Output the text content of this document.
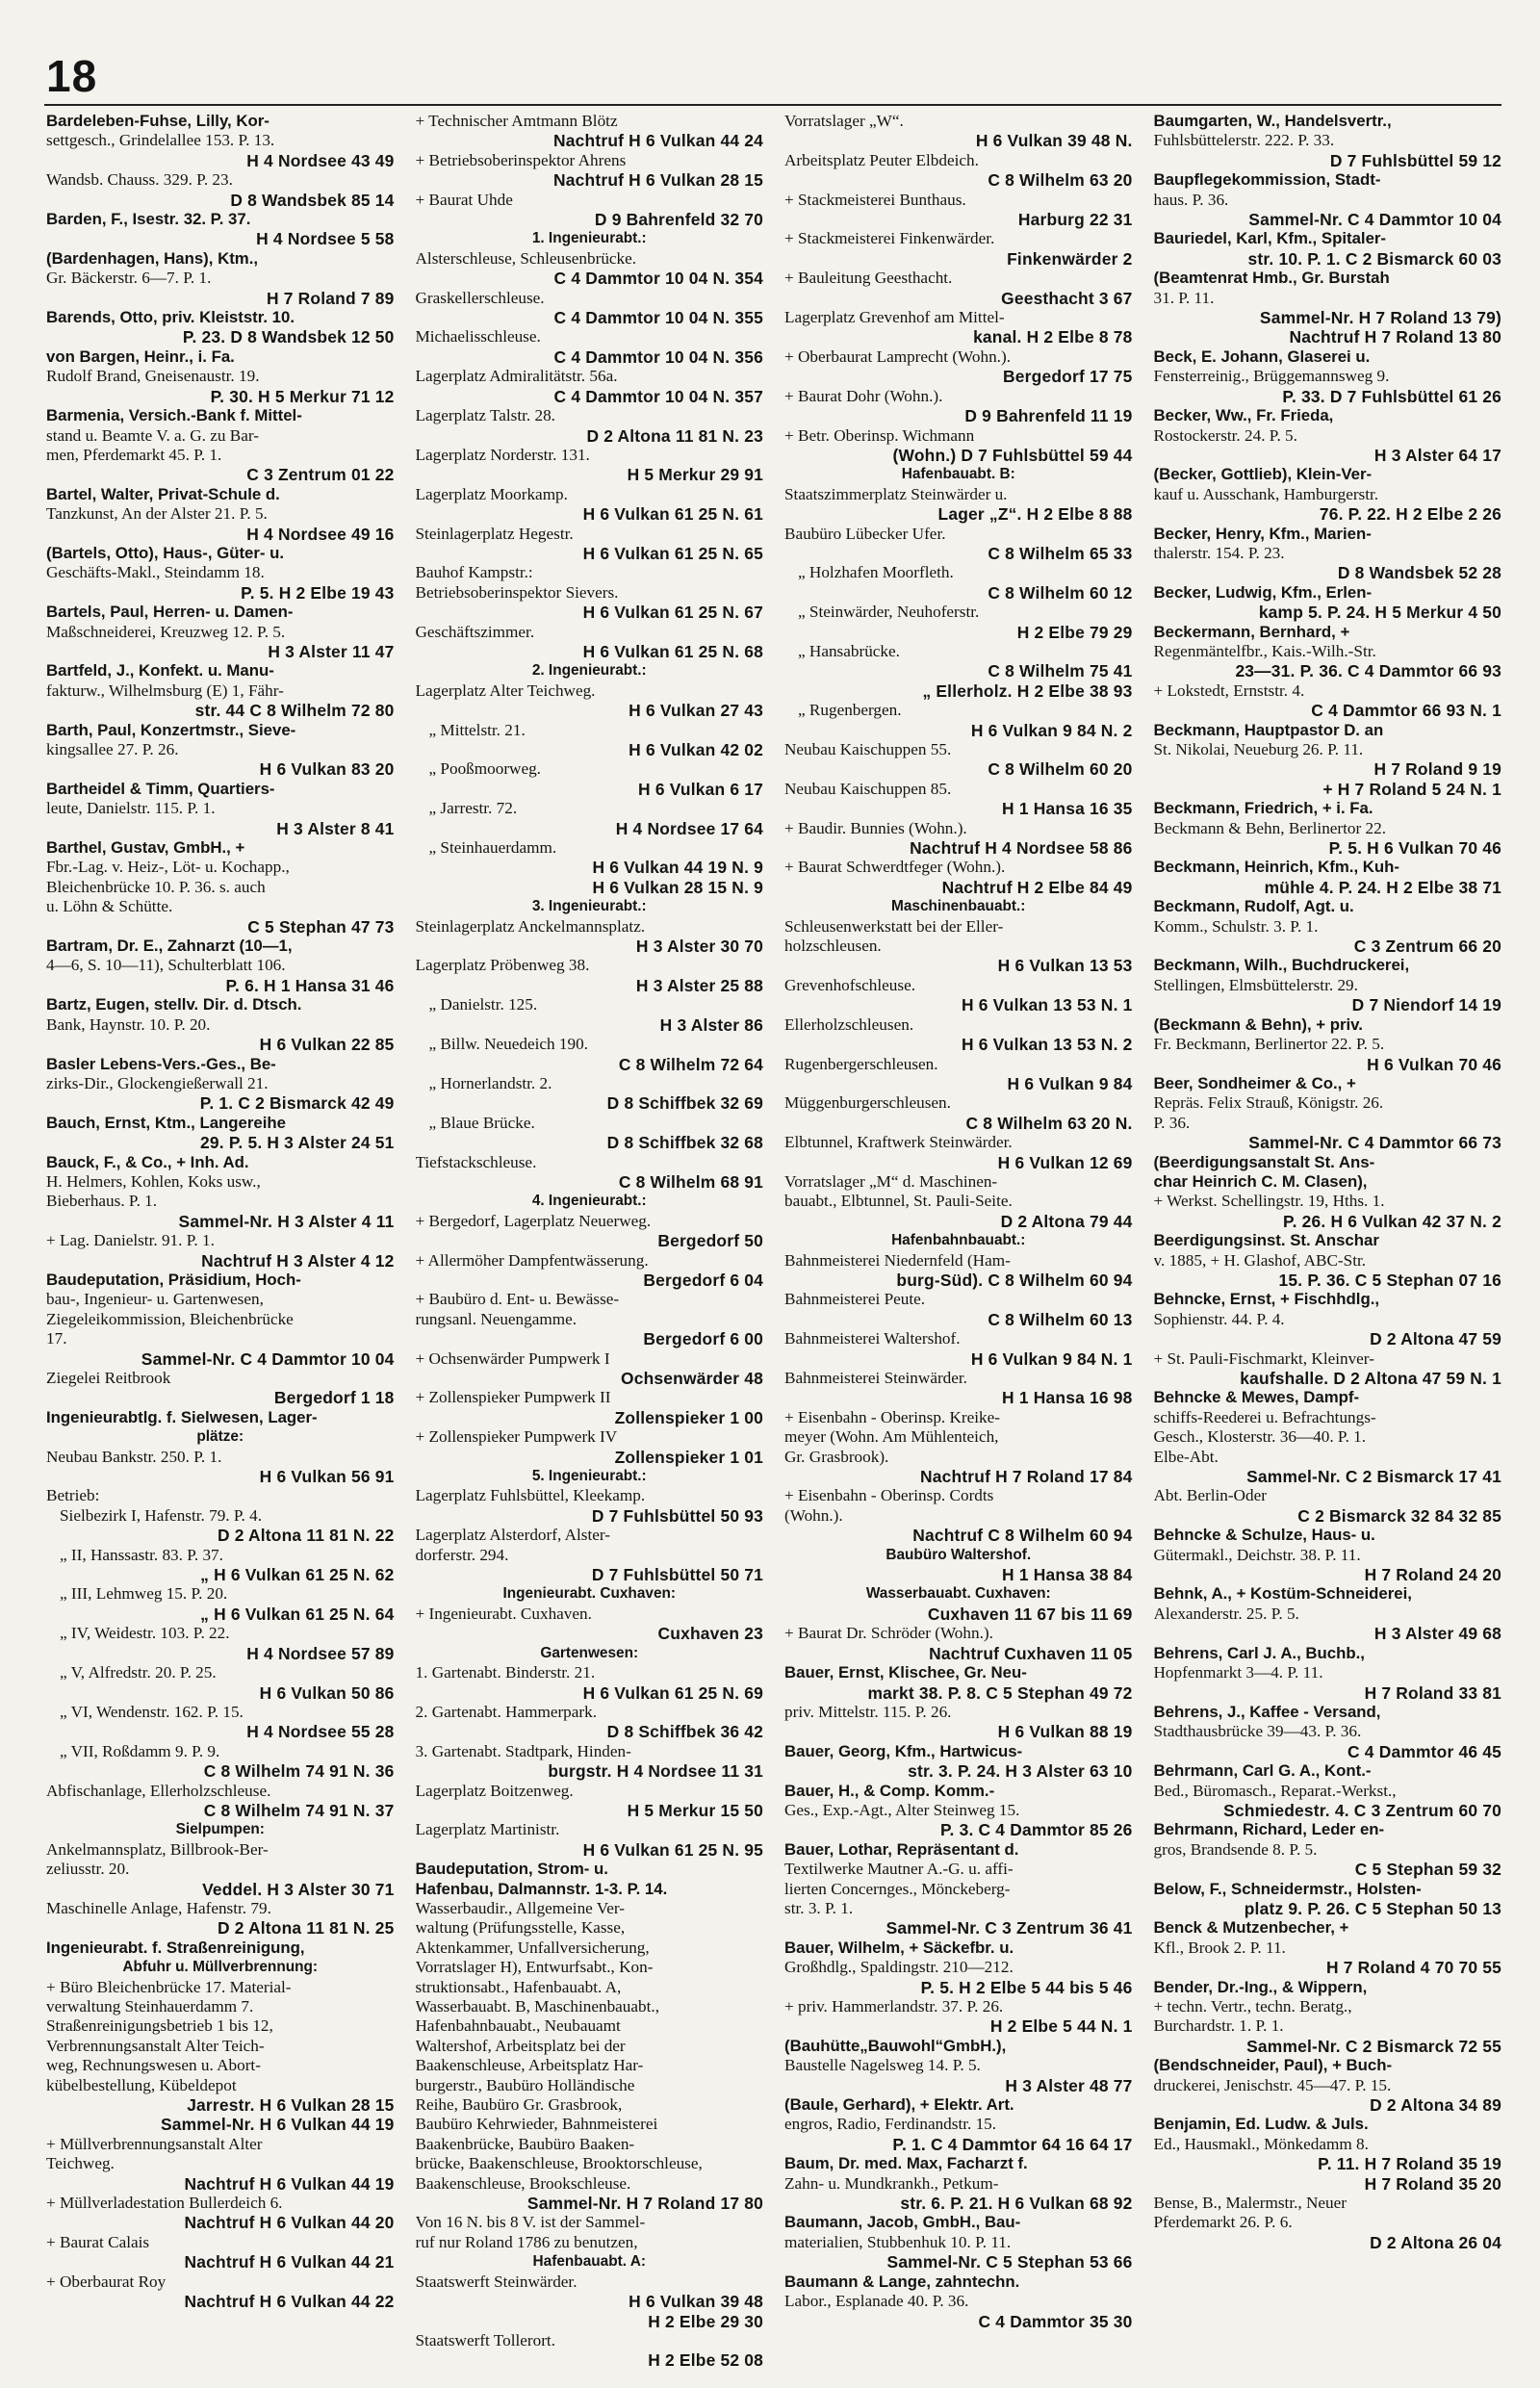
18
Bardeleben-Fuhse, Lilly, Kor-
settgesch., Grindelallee 153. P. 13.
H 4 Nordsee 43 49
Wandsb. Chauss. 329. P. 23.
D 8 Wandsbek 85 14
Barden, F., Isestr. 32. P. 37.
H 4 Nordsee 5 58
(Bardenhagen, Hans), Ktm.,
Gr. Bäckerstr. 6—7. P. 1.
H 7 Roland 7 89
Barends, Otto, priv. Kleiststr. 10.
P. 23. D 8 Wandsbek 12 50
von Bargen, Heinr., i. Fa.
Rudolf Brand, Gneisenaustr. 19.
P. 30. H 5 Merkur 71 12
Barmenia, Versich.-Bank f. Mittel-
stand u. Beamte V. a. G. zu Bar-
men, Pferdemarkt 45. P. 1.
C 3 Zentrum 01 22
Bartel, Walter, Privat-Schule d.
Tanzkunst, An der Alster 21. P. 5.
H 4 Nordsee 49 16
(Bartels, Otto), Haus-, Güter- u.
Geschäfts-Makl., Steindamm 18.
P. 5. H 2 Elbe 19 43
Bartels, Paul, Herren- u. Damen-
Maßschneiderei, Kreuzweg 12. P. 5.
H 3 Alster 11 47
Bartfeld, J., Konfekt. u. Manu-
fakturw., Wilhelmsburg (E) 1, Fähr-
str. 44 C 8 Wilhelm 72 80
Barth, Paul, Konzertmstr., Sieve-
kingsallee 27. P. 26.
H 6 Vulkan 83 20
Bartheidel & Timm, Quartiers-
leute, Danielstr. 115. P. 1.
H 3 Alster 8 41
Barthel, Gustav, GmbH., +
Fbr.-Lag. v. Heiz-, Löt- u. Kochapp.,
Bleichenbrücke 10. P. 36. s. auch
u. Löhn & Schütte.
C 5 Stephan 47 73
Bartram, Dr. E., Zahnarzt (10—1,
4—6, S. 10—11), Schulterblatt 106.
P. 6. H 1 Hansa 31 46
Bartz, Eugen, stellv. Dir. d. Dtsch.
Bank, Haynstr. 10. P. 20.
H 6 Vulkan 22 85
Basler Lebens-Vers.-Ges., Be-
zirks-Dir., Glockengießerwall 21.
P. 1. C 2 Bismarck 42 49
Bauch, Ernst, Ktm., Langereihe
29. P. 5. H 3 Alster 24 51
Bauck, F., & Co., + Inh. Ad.
H. Helmers, Kohlen, Koks usw.,
Bieberhaus. P. 1.
Sammel-Nr. H 3 Alster 4 11
+ Lag. Danielstr. 91. P. 1.
Nachtruf H 3 Alster 4 12
Baudeputation, Präsidium, Hoch-
bau-, Ingenieur- u. Gartenwesen,
Ziegeleikommission, Bleichenbrücke
17.
Sammel-Nr. C 4 Dammtor 10 04
Ziegelei Reitbrook
Bergedorf 1 18
Ingenieurabtlg. f. Sielwesen, Lager-
plätze:
Neubau Bankstr. 250. P. 1.
H 6 Vulkan 56 91
Betrieb:
Sielbezirk I, Hafenstr. 79. P. 4.
D 2 Altona 11 81 N. 22
„ II, Hanssastr. 83. P. 37.
„ H 6 Vulkan 61 25 N. 62
„ III, Lehmweg 15. P. 20.
„ H 6 Vulkan 61 25 N. 64
„ IV, Weidestr. 103. P. 22.
H 4 Nordsee 57 89
„ V, Alfredstr. 20. P. 25.
H 6 Vulkan 50 86
„ VI, Wendenstr. 162. P. 15.
H 4 Nordsee 55 28
„ VII, Roßdamm 9. P. 9.
C 8 Wilhelm 74 91 N. 36
Abfischanlage, Ellerholzschleuse.
C 8 Wilhelm 74 91 N. 37
Sielpumpen:
Ankelmannsplatz, Billbrook-Ber-
zeliusstr. 20.
Veddel. H 3 Alster 30 71
Maschinelle Anlage, Hafenstr. 79.
D 2 Altona 11 81 N. 25
Ingenieurabt. f. Straßenreinigung,
Abfuhr u. Müllverbrennung:
+ Büro Bleichenbrücke 17. Material-
verwaltung Steinhauerdamm 7.
Straßenreinigungsbetrieb 1 bis 12,
Verbrennungsanstalt Alter Teich-
weg, Rechnungswesen u. Abort-
kübelbestellung, Kübeldepot
Jarrestr. H 6 Vulkan 28 15
Sammel-Nr. H 6 Vulkan 44 19
+ Müllverbrennungsanstalt Alter
Teichweg.
Nachtruf H 6 Vulkan 44 19
+ Müllverladestation Bullerdeich 6.
Nachtruf H 6 Vulkan 44 20
+ Baurat Calais
Nachtruf H 6 Vulkan 44 21
+ Oberbaurat Roy
Nachtruf H 6 Vulkan 44 22
+ Technischer Amtmann Blötz
Nachtruf H 6 Vulkan 44 24
+ Betriebsoberinspektor Ahrens
Nachtruf H 6 Vulkan 28 15
+ Baurat Uhde
D 9 Bahrenfeld 32 70
1. Ingenieurabt.:
Alsterschleuse, Schleusenbrücke.
C 4 Dammtor 10 04 N. 354
Graskellerschleuse.
C 4 Dammtor 10 04 N. 355
Michaelisschleuse.
C 4 Dammtor 10 04 N. 356
Lagerplatz Admiralitätstr. 56a.
C 4 Dammtor 10 04 N. 357
Lagerplatz Talstr. 28.
D 2 Altona 11 81 N. 23
Lagerplatz Norderstr. 131.
H 5 Merkur 29 91
Lagerplatz Moorkamp.
H 6 Vulkan 61 25 N. 61
Steinlagerplatz Hegestr.
H 6 Vulkan 61 25 N. 65
Bauhof Kampstr.:
Betriebsoberinspektor Sievers.
H 6 Vulkan 61 25 N. 67
Geschäftszimmer.
H 6 Vulkan 61 25 N. 68
2. Ingenieurabt.:
Lagerplatz Alter Teichweg.
H 6 Vulkan 27 43
„ Mittelstr. 21.
H 6 Vulkan 42 02
„ Pooßmoorweg.
H 6 Vulkan 6 17
„ Jarrestr. 72.
H 4 Nordsee 17 64
„ Steinhauerdamm.
H 6 Vulkan 44 19 N. 9
H 6 Vulkan 28 15 N. 9
3. Ingenieurabt.:
Steinlagerplatz Anckelmannsplatz.
H 3 Alster 30 70
Lagerplatz Pröbenweg 38.
H 3 Alster 25 88
„ Danielstr. 125.
H 3 Alster 86
„ Billw. Neuedeich 190.
C 8 Wilhelm 72 64
„ Hornerlandstr. 2.
D 8 Schiffbek 32 69
„ Blaue Brücke.
D 8 Schiffbek 32 68
Tiefstackschleuse.
C 8 Wilhelm 68 91
4. Ingenieurabt.:
+ Bergedorf, Lagerplatz Neuerweg.
Bergedorf 50
+ Allermöher Dampfentwässerung.
Bergedorf 6 04
+ Baubüro d. Ent- u. Bewässe-
rungsanl. Neuengamme.
Bergedorf 6 00
+ Ochsenwärder Pumpwerk I
Ochsenwärder 48
+ Zollenspieker Pumpwerk II
Zollenspieker 1 00
+ Zollenspieker Pumpwerk IV
Zollenspieker 1 01
5. Ingenieurabt.:
Lagerplatz Fuhlsbüttel, Kleekamp.
D 7 Fuhlsbüttel 50 93
Lagerplatz Alsterdorf, Alster-
dorferstr. 294.
D 7 Fuhlsbüttel 50 71
Ingenieurabt. Cuxhaven:
+ Ingenieurabt. Cuxhaven.
Cuxhaven 23
Gartenwesen:
1. Gartenabt. Binderstr. 21.
H 6 Vulkan 61 25 N. 69
2. Gartenabt. Hammerpark.
D 8 Schiffbek 36 42
3. Gartenabt. Stadtpark, Hinden-
burgstr. H 4 Nordsee 11 31
Lagerplatz Boitzenweg.
H 5 Merkur 15 50
Lagerplatz Martinistr.
H 6 Vulkan 61 25 N. 95
Baudeputation, Strom- u.
Hafenbau, Dalmannstr. 1-3. P. 14.
Wasserbaudir., Allgemeine Ver-
waltung (Prüfungsstelle, Kasse,
Aktenkammer, Unfallversicherung,
Vorratslager H), Entwurfsabt., Kon-
struktionsabt., Hafenbauabt. A,
Wasserbauabt. B, Maschinenbauabt.,
Hafenbahnbauabt., Neubauamt
Waltershof, Arbeitsplatz bei der
Baakenschleuse, Arbeitsplatz Har-
burgerstr., Baubüro Holländische
Reihe, Baubüro Gr. Grasbrook,
Baubüro Kehrwieder, Bahnmeisterei
Baakenbrücke, Baubüro Baaken-
brücke, Baakenschleuse, Brooktorschleuse,
Baakenschleuse, Brookschleuse.
Sammel-Nr. H 7 Roland 17 80
Von 16 N. bis 8 V. ist der Sammel-
ruf nur Roland 1786 zu benutzen,
Hafenbauabt. A:
Staatswerft Steinwärder.
H 6 Vulkan 39 48
H 2 Elbe 29 30
Staatswerft Tollerort.
H 2 Elbe 52 08
Vorratslager „W“.
H 6 Vulkan 39 48 N.
Arbeitsplatz Peuter Elbdeich.
C 8 Wilhelm 63 20
+ Stackmeisterei Bunthaus.
Harburg 22 31
+ Stackmeisterei Finkenwärder.
Finkenwärder 2
+ Bauleitung Geesthacht.
Geesthacht 3 67
Lagerplatz Grevenhof am Mittel-
kanal. H 2 Elbe 8 78
+ Oberbaurat Lamprecht (Wohn.).
Bergedorf 17 75
+ Baurat Dohr (Wohn.).
D 9 Bahrenfeld 11 19
+ Betr. Oberinsp. Wichmann
(Wohn.) D 7 Fuhlsbüttel 59 44
Hafenbauabt. B:
Staatszimmerplatz Steinwärder u.
Lager „Z“. H 2 Elbe 8 88
Baubüro Lübecker Ufer.
C 8 Wilhelm 65 33
„ Holzhafen Moorfleth.
C 8 Wilhelm 60 12
„ Steinwärder, Neuhoferstr.
H 2 Elbe 79 29
„ Hansabrücke.
C 8 Wilhelm 75 41
„ Ellerholz. H 2 Elbe 38 93
„ Rugenbergen.
H 6 Vulkan 9 84 N. 2
Neubau Kaischuppen 55.
C 8 Wilhelm 60 20
Neubau Kaischuppen 85.
H 1 Hansa 16 35
+ Baudir. Bunnies (Wohn.).
Nachtruf H 4 Nordsee 58 86
+ Baurat Schwerdtfeger (Wohn.).
Nachtruf H 2 Elbe 84 49
Maschinenbauabt.:
Schleusenwerkstatt bei der Eller-
holzschleusen.
H 6 Vulkan 13 53
Grevenhofschleuse.
H 6 Vulkan 13 53 N. 1
Ellerholzschleusen.
H 6 Vulkan 13 53 N. 2
Rugenbergerschleusen.
H 6 Vulkan 9 84
Müggenburgerschleusen.
C 8 Wilhelm 63 20 N.
Elbtunnel, Kraftwerk Steinwärder.
H 6 Vulkan 12 69
Vorratslager „M“ d. Maschinen-
bauabt., Elbtunnel, St. Pauli-Seite.
D 2 Altona 79 44
Hafenbahnbauabt.:
Bahnmeisterei Niedernfeld (Ham-
burg-Süd). C 8 Wilhelm 60 94
Bahnmeisterei Peute.
C 8 Wilhelm 60 13
Bahnmeisterei Waltershof.
H 6 Vulkan 9 84 N. 1
Bahnmeisterei Steinwärder.
H 1 Hansa 16 98
+ Eisenbahn - Oberinsp. Kreike-
meyer (Wohn. Am Mühlenteich,
Gr. Grasbrook).
Nachtruf H 7 Roland 17 84
+ Eisenbahn - Oberinsp. Cordts
(Wohn.).
Nachtruf C 8 Wilhelm 60 94
Baubüro Waltershof.
H 1 Hansa 38 84
Wasserbauabt. Cuxhaven:
Cuxhaven 11 67 bis 11 69
+ Baurat Dr. Schröder (Wohn.).
Nachtruf Cuxhaven 11 05
Bauer, Ernst, Klischee, Gr. Neu-
markt 38. P. 8. C 5 Stephan 49 72
priv. Mittelstr. 115. P. 26.
H 6 Vulkan 88 19
Bauer, Georg, Kfm., Hartwicus-
str. 3. P. 24. H 3 Alster 63 10
Bauer, H., & Comp. Komm.-
Ges., Exp.-Agt., Alter Steinweg 15.
P. 3. C 4 Dammtor 85 26
Bauer, Lothar, Repräsentant d.
Textilwerke Mautner A.-G. u. affi-
lierten Concernges., Mönckeberg-
str. 3. P. 1.
Sammel-Nr. C 3 Zentrum 36 41
Bauer, Wilhelm, + Säckefbr. u.
Großhdlg., Spaldingstr. 210—212.
P. 5. H 2 Elbe 5 44 bis 5 46
+ priv. Hammerlandstr. 37. P. 26.
H 2 Elbe 5 44 N. 1
(Bauhütte„Bauwohl“GmbH.),
Baustelle Nagelsweg 14. P. 5.
H 3 Alster 48 77
(Baule, Gerhard), + Elektr. Art.
engros, Radio, Ferdinandstr. 15.
P. 1. C 4 Dammtor 64 16 64 17
Baum, Dr. med. Max, Facharzt f.
Zahn- u. Mundkrankh., Petkum-
str. 6. P. 21. H 6 Vulkan 68 92
Baumann, Jacob, GmbH., Bau-
materialien, Stubbenhuk 10. P. 11.
Sammel-Nr. C 5 Stephan 53 66
Baumann & Lange, zahntechn.
Labor., Esplanade 40. P. 36.
C 4 Dammtor 35 30
Baumgarten, W., Handelsvertr.,
Fuhlsbüttelerstr. 222. P. 33.
D 7 Fuhlsbüttel 59 12
Baupflegekommission, Stadt-
haus. P. 36.
Sammel-Nr. C 4 Dammtor 10 04
Bauriedel, Karl, Kfm., Spitaler-
str. 10. P. 1. C 2 Bismarck 60 03
(Beamtenrat Hmb., Gr. Burstah
31. P. 11.
Sammel-Nr. H 7 Roland 13 79)
Nachtruf H 7 Roland 13 80
Beck, E. Johann, Glaserei u.
Fensterreinig., Brüggemannsweg 9.
P. 33. D 7 Fuhlsbüttel 61 26
Becker, Ww., Fr. Frieda,
Rostockerstr. 24. P. 5.
H 3 Alster 64 17
(Becker, Gottlieb), Klein-Ver-
kauf u. Ausschank, Hamburgerstr.
76. P. 22. H 2 Elbe 2 26
Becker, Henry, Kfm., Marien-
thalerstr. 154. P. 23.
D 8 Wandsbek 52 28
Becker, Ludwig, Kfm., Erlen-
kamp 5. P. 24. H 5 Merkur 4 50
Beckermann, Bernhard, +
Regenmäntelfbr., Kais.-Wilh.-Str.
23—31. P. 36. C 4 Dammtor 66 93
+ Lokstedt, Ernststr. 4.
C 4 Dammtor 66 93 N. 1
Beckmann, Hauptpastor D. an
St. Nikolai, Neueburg 26. P. 11.
H 7 Roland 9 19
+ H 7 Roland 5 24 N. 1
Beckmann, Friedrich, + i. Fa.
Beckmann & Behn, Berlinertor 22.
P. 5. H 6 Vulkan 70 46
Beckmann, Heinrich, Kfm., Kuh-
mühle 4. P. 24. H 2 Elbe 38 71
Beckmann, Rudolf, Agt. u.
Komm., Schulstr. 3. P. 1.
C 3 Zentrum 66 20
Beckmann, Wilh., Buchdruckerei,
Stellingen, Elmsbüttelerstr. 29.
D 7 Niendorf 14 19
(Beckmann & Behn), + priv.
Fr. Beckmann, Berlinertor 22. P. 5.
H 6 Vulkan 70 46
Beer, Sondheimer & Co., +
Repräs. Felix Strauß, Königstr. 26.
P. 36.
Sammel-Nr. C 4 Dammtor 66 73
(Beerdigungsanstalt St. Ans-
char Heinrich C. M. Clasen),
+ Werkst. Schellingstr. 19, Hths. 1.
P. 26. H 6 Vulkan 42 37 N. 2
Beerdigungsinst. St. Anschar
v. 1885, + H. Glashof, ABC-Str.
15. P. 36. C 5 Stephan 07 16
Behncke, Ernst, + Fischhdlg.,
Sophienstr. 44. P. 4.
D 2 Altona 47 59
+ St. Pauli-Fischmarkt, Kleinver-
kaufshalle. D 2 Altona 47 59 N. 1
Behncke & Mewes, Dampf-
schiffs-Reederei u. Befrachtungs-
Gesch., Klosterstr. 36—40. P. 1.
Elbe-Abt.
Sammel-Nr. C 2 Bismarck 17 41
Abt. Berlin-Oder
C 2 Bismarck 32 84 32 85
Behncke & Schulze, Haus- u.
Gütermakl., Deichstr. 38. P. 11.
H 7 Roland 24 20
Behnk, A., + Kostüm-Schneiderei,
Alexanderstr. 25. P. 5.
H 3 Alster 49 68
Behrens, Carl J. A., Buchb.,
Hopfenmarkt 3—4. P. 11.
H 7 Roland 33 81
Behrens, J., Kaffee - Versand,
Stadthausbrücke 39—43. P. 36.
C 4 Dammtor 46 45
Behrmann, Carl G. A., Kont.-
Bed., Büromasch., Reparat.-Werkst.,
Schmiedestr. 4. C 3 Zentrum 60 70
Behrmann, Richard, Leder en-
gros, Brandsende 8. P. 5.
C 5 Stephan 59 32
Below, F., Schneidermstr., Holsten-
platz 9. P. 26. C 5 Stephan 50 13
Benck & Mutzenbecher, +
Kfl., Brook 2. P. 11.
H 7 Roland 4 70 70 55
Bender, Dr.-Ing., & Wippern,
+ techn. Vertr., techn. Beratg.,
Burchardstr. 1. P. 1.
Sammel-Nr. C 2 Bismarck 72 55
(Bendschneider, Paul), + Buch-
druckerei, Jenischstr. 45—47. P. 15.
D 2 Altona 34 89
Benjamin, Ed. Ludw. & Juls.
Ed., Hausmakl., Mönkedamm 8.
P. 11. H 7 Roland 35 19
H 7 Roland 35 20
Bense, B., Malermstr., Neuer
Pferdemarkt 26. P. 6.
D 2 Altona 26 04
